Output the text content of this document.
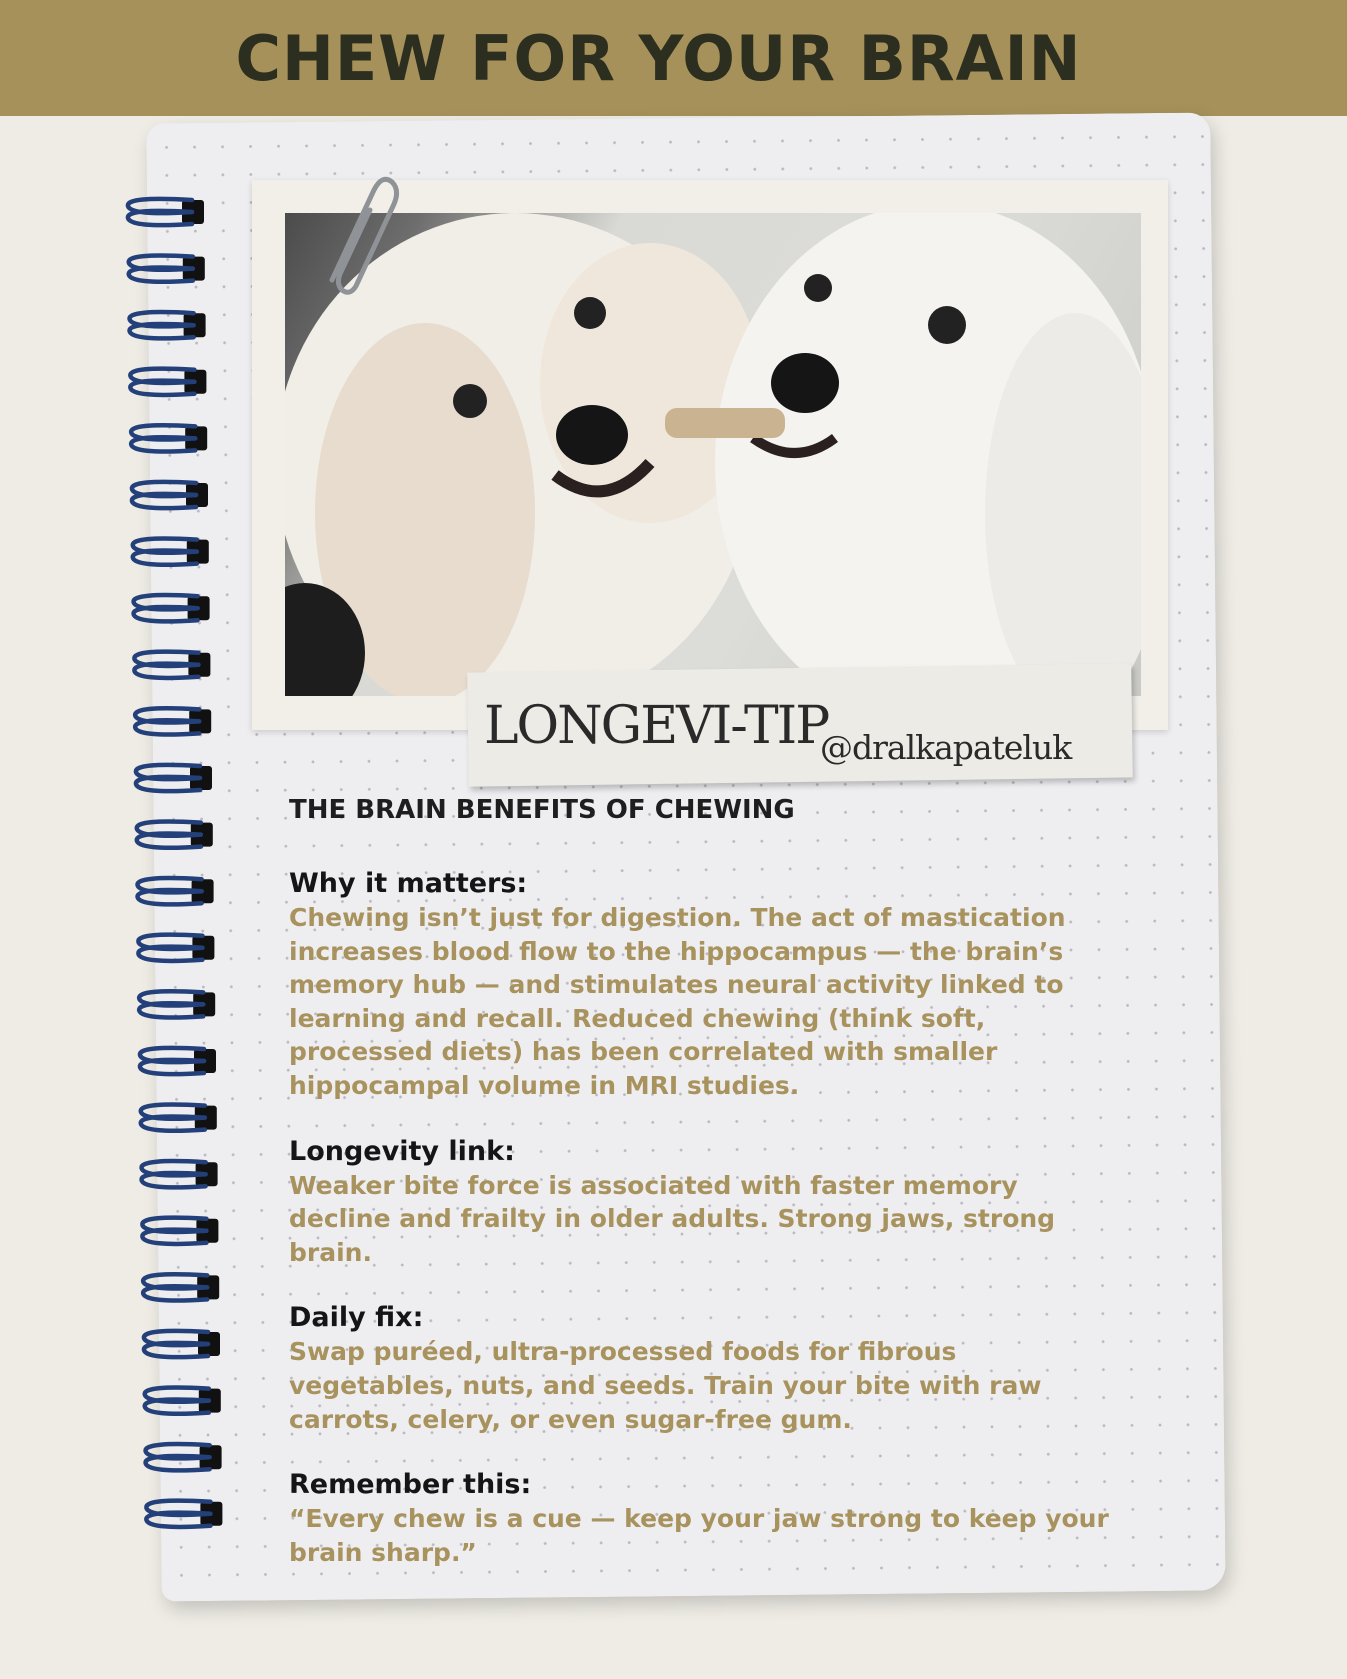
CHEW FOR YOUR BRAIN
LONGEVI-TIP
@dralkapateluk
THE BRAIN BENEFITS OF CHEWING
Why it matters:
Chewing isn’t just for digestion. The act of mastication
increases blood flow to the hippocampus — the brain’s
memory hub — and stimulates neural activity linked to
learning and recall. Reduced chewing (think soft,
processed diets) has been correlated with smaller
hippocampal volume in MRI studies.
Longevity link:
Weaker bite force is associated with faster memory
decline and frailty in older adults. Strong jaws, strong
brain.
Daily fix:
Swap puréed, ultra-processed foods for fibrous
vegetables, nuts, and seeds. Train your bite with raw
carrots, celery, or even sugar-free gum.
Remember this:
“Every chew is a cue — keep your jaw strong to keep your
brain sharp.”
